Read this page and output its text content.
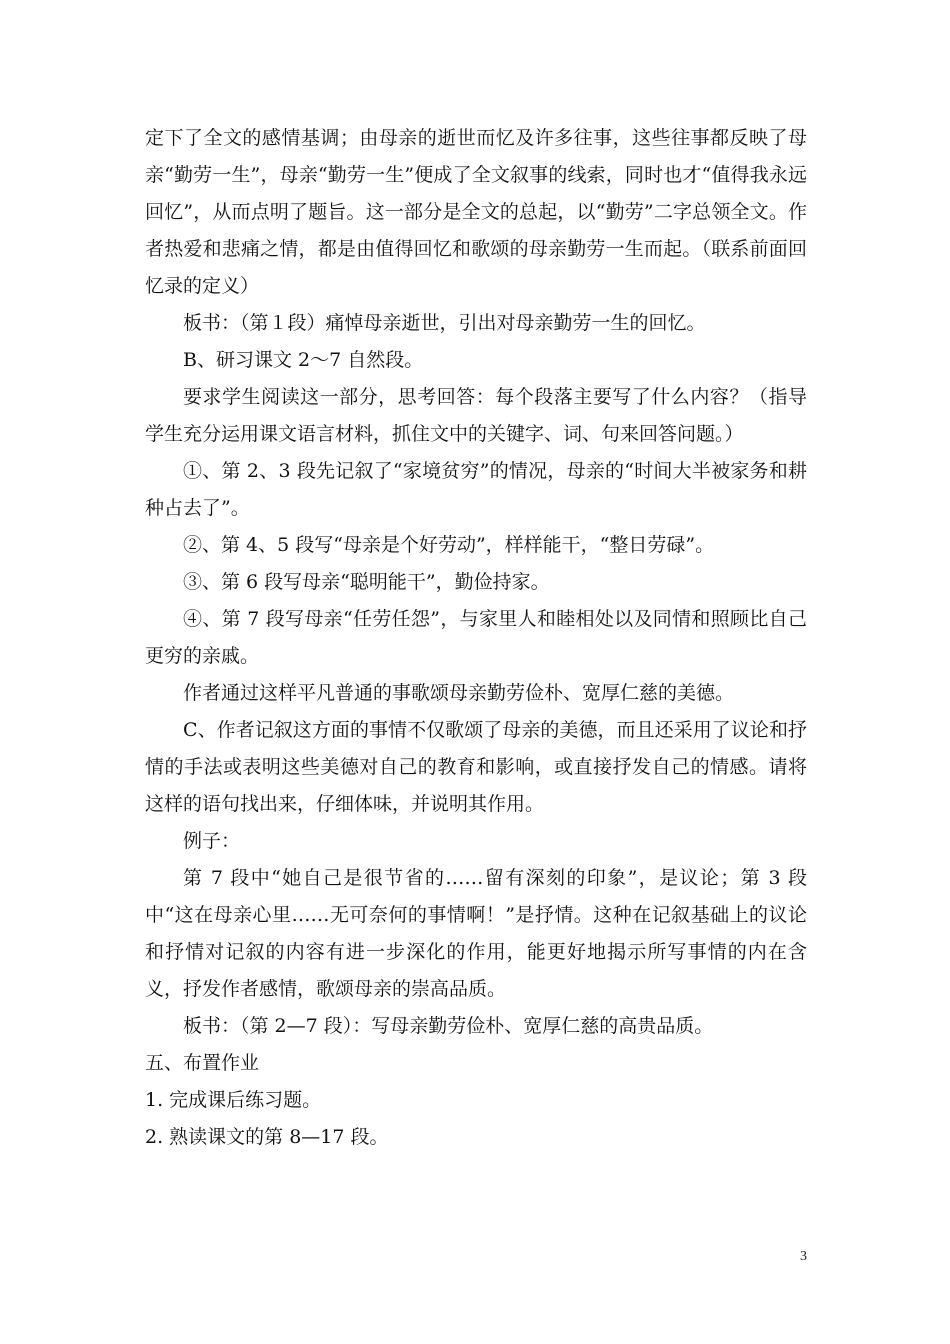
定下了全文的感情基调；由母亲的逝世而忆及许多往事，这些往事都反映了母亲“勤劳一生”，母亲“勤劳一生”便成了全文叙事的线索，同时也才“值得我永远回忆”，从而点明了题旨。这一部分是全文的总起，以“勤劳”二字总领全文。作者热爱和悲痛之情，都是由值得回忆和歌颂的母亲勤劳一生而起。（联系前面回忆录的定义）

板书：（第１段）痛悼母亲逝世，引出对母亲勤劳一生的回忆。

B、研习课文 2～7 自然段。

要求学生阅读这一部分，思考回答：每个段落主要写了什么内容？（指导学生充分运用课文语言材料，抓住文中的关键字、词、句来回答问题。）

①、第 2、3 段先记叙了“家境贫穷”的情况，母亲的“时间大半被家务和耕种占去了”。

②、第 4、5 段写“母亲是个好劳动”，样样能干，“整日劳碌”。

③、第 6 段写母亲“聪明能干”，勤俭持家。

④、第 7 段写母亲“任劳任怨”，与家里人和睦相处以及同情和照顾比自己更穷的亲戚。

作者通过这样平凡普通的事歌颂母亲勤劳俭朴、宽厚仁慈的美德。

C、作者记叙这方面的事情不仅歌颂了母亲的美德，而且还采用了议论和抒情的手法或表明这些美德对自己的教育和影响，或直接抒发自己的情感。请将这样的语句找出来，仔细体味，并说明其作用。

例子：

第 7 段中“她自己是很节省的……留有深刻的印象”，是议论；第 3 段中“这在母亲心里……无可奈何的事情啊！”是抒情。这种在记叙基础上的议论和抒情对记叙的内容有进一步深化的作用，能更好地揭示所写事情的内在含义，抒发作者感情，歌颂母亲的崇高品质。

板书：（第 2—7 段）：写母亲勤劳俭朴、宽厚仁慈的高贵品质。

五、布置作业

1. 完成课后练习题。

2. 熟读课文的第 8—17 段。

3
